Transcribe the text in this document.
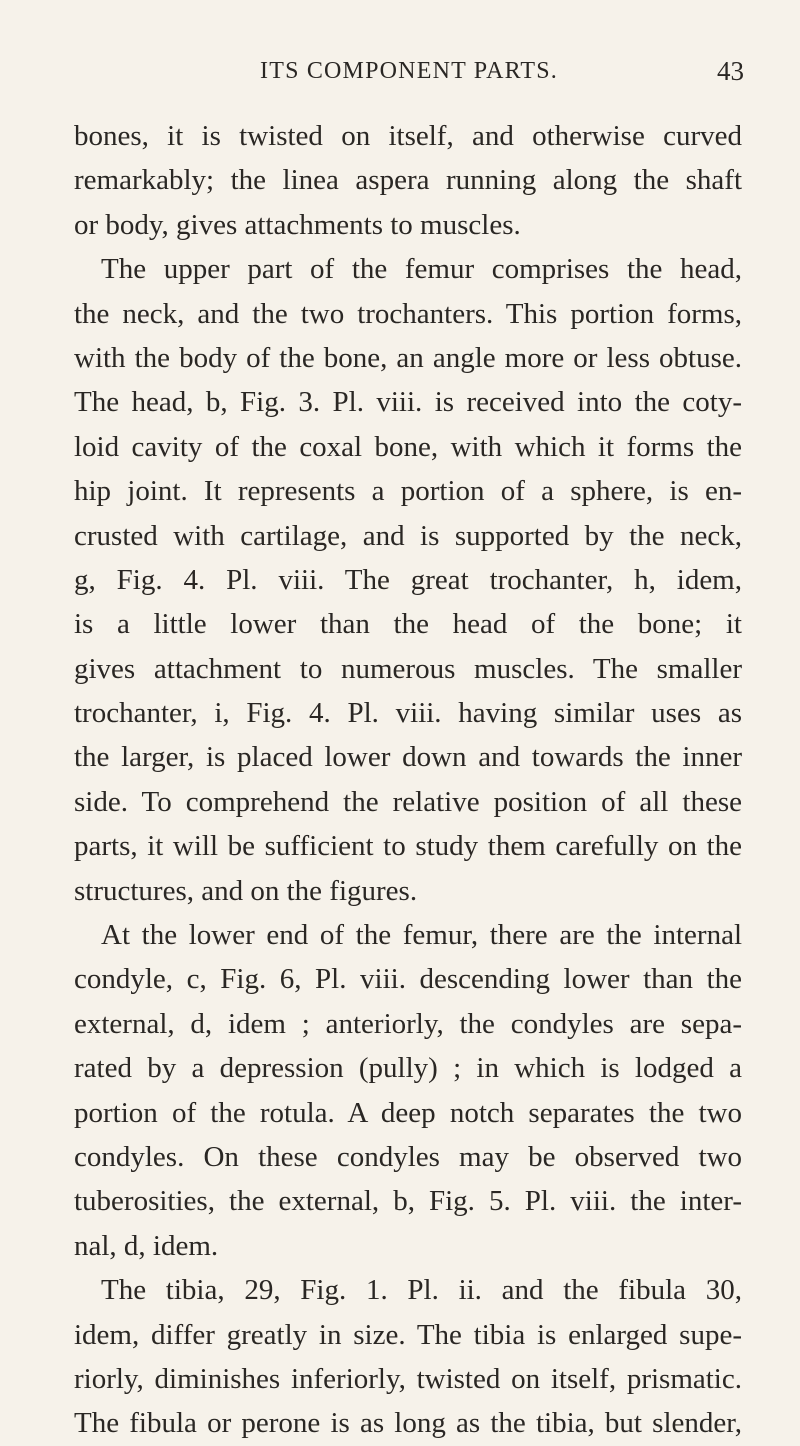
ITS COMPONENT PARTS.	43
bones, it is twisted on itself, and otherwise curved
remarkably; the linea aspera running along the shaft
or body, gives attachments to muscles.
The upper part of the femur comprises the head,
the neck, and the two trochanters. This portion forms,
with the body of the bone, an angle more or less obtuse.
The head, b, Fig. 3. Pl. viii. is received into the coty-
loid cavity of the coxal bone, with which it forms the
hip joint. It represents a portion of a sphere, is en-
crusted with cartilage, and is supported by the neck,
g, Fig. 4. Pl. viii. The great trochanter, h, idem,
is a little lower than the head of the bone; it
gives attachment to numerous muscles. The smaller
trochanter, i, Fig. 4. Pl. viii. having similar uses as
the larger, is placed lower down and towards the inner
side. To comprehend the relative position of all these
parts, it will be sufficient to study them carefully on the
structures, and on the figures.
At the lower end of the femur, there are the internal
condyle, c, Fig. 6, Pl. viii. descending lower than the
external, d, idem ; anteriorly, the condyles are sepa-
rated by a depression (pully) ; in which is lodged a
portion of the rotula. A deep notch separates the two
condyles. On these condyles may be observed two
tuberosities, the external, b, Fig. 5. Pl. viii. the inter-
nal, d, idem.
The tibia, 29, Fig. 1. Pl. ii. and the fibula 30,
idem, differ greatly in size. The tibia is enlarged supe-
riorly, diminishes inferiorly, twisted on itself, prismatic.
The fibula or perone is as long as the tibia, but slender,
